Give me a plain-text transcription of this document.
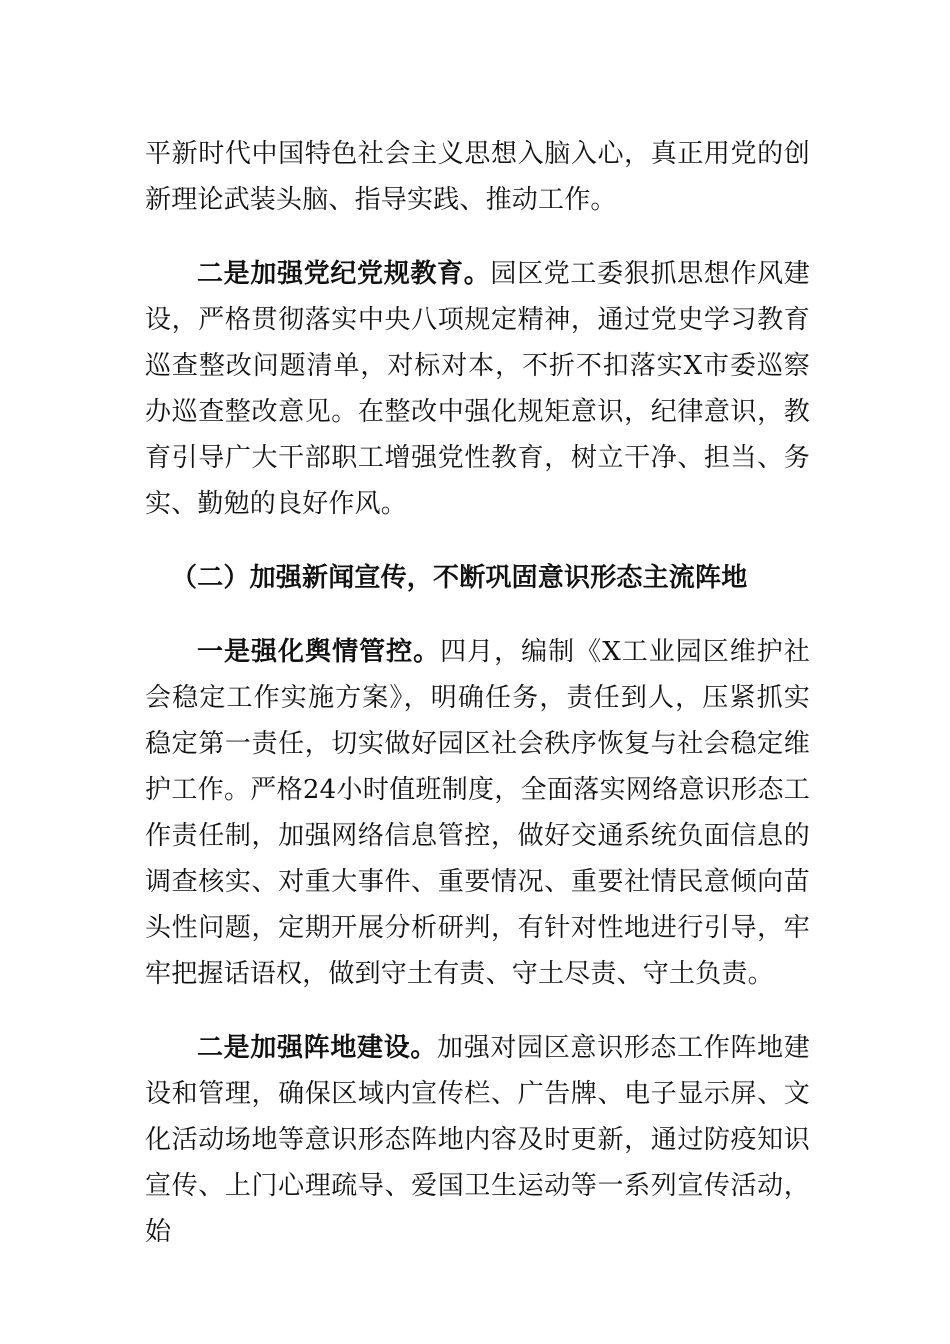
平新时代中国特色社会主义思想入脑入心，真正用党的创新理论武装头脑、指导实践、推动工作。

二是加强党纪党规教育。园区党工委狠抓思想作风建设，严格贯彻落实中央八项规定精神，通过党史学习教育巡查整改问题清单，对标对本，不折不扣落实X市委巡察办巡查整改意见。在整改中强化规矩意识，纪律意识，教育引导广大干部职工增强党性教育，树立干净、担当、务实、勤勉的良好作风。

（二）加强新闻宣传，不断巩固意识形态主流阵地

一是强化舆情管控。四月，编制《X工业园区维护社会稳定工作实施方案》，明确任务，责任到人，压紧抓实稳定第一责任，切实做好园区社会秩序恢复与社会稳定维护工作。严格24小时值班制度，全面落实网络意识形态工作责任制，加强网络信息管控，做好交通系统负面信息的调查核实、对重大事件、重要情况、重要社情民意倾向苗头性问题，定期开展分析研判，有针对性地进行引导，牢牢把握话语权，做到守土有责、守土尽责、守土负责。

二是加强阵地建设。加强对园区意识形态工作阵地建设和管理，确保区域内宣传栏、广告牌、电子显示屏、文化活动场地等意识形态阵地内容及时更新，通过防疫知识宣传、上门心理疏导、爱国卫生运动等一系列宣传活动，始
